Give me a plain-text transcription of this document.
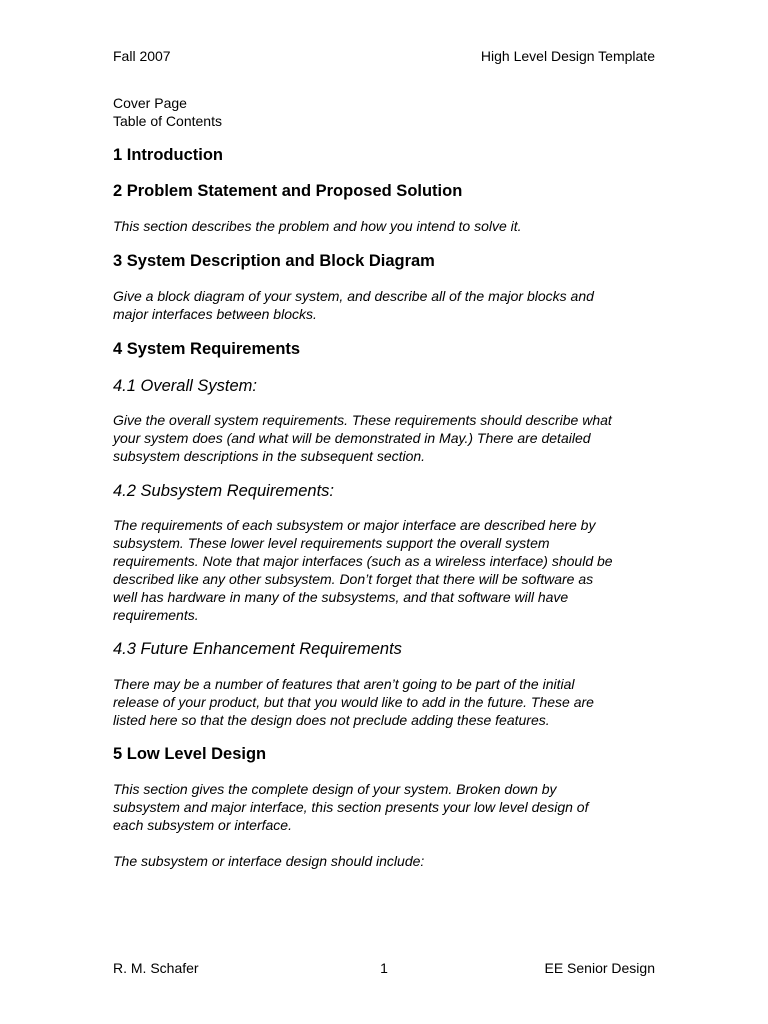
Fall 2007	High Level Design Template
Cover Page
Table of Contents
1 Introduction
2 Problem Statement and Proposed Solution
This section describes the problem and how you intend to solve it.
3 System Description and Block Diagram
Give a block diagram of your system, and describe all of the major blocks and
major interfaces between blocks.
4 System Requirements
4.1 Overall System:
Give the overall system requirements. These requirements should describe what
your system does (and what will be demonstrated in May.) There are detailed
subsystem descriptions in the subsequent section.
4.2 Subsystem Requirements:
The requirements of each subsystem or major interface are described here by
subsystem. These lower level requirements support the overall system
requirements. Note that major interfaces (such as a wireless interface) should be
described like any other subsystem. Don’t forget that there will be software as
well has hardware in many of the subsystems, and that software will have
requirements.
4.3 Future Enhancement Requirements
There may be a number of features that aren’t going to be part of the initial
release of your product, but that you would like to add in the future. These are
listed here so that the design does not preclude adding these features.
5 Low Level Design
This section gives the complete design of your system. Broken down by
subsystem and major interface, this section presents your low level design of
each subsystem or interface.
The subsystem or interface design should include:
R. M. Schafer	1	EE Senior Design
